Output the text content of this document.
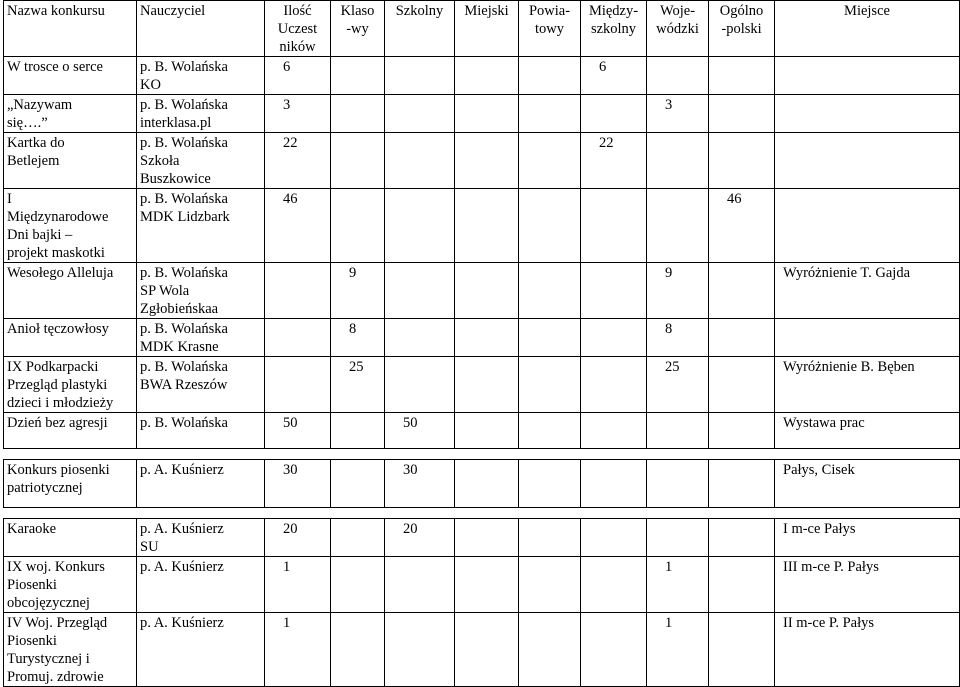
Nazwa konkursu	Nauczyciel	Ilość
Uczest
ników	Klaso
-wy	Szkolny	Miejski	Powia-
towy	Między-
szkolny	Woje-
wódzki	Ogólno
-polski	Miejsce

W trosce o serce	p. B. Wolańska
KO	6					6			

„Nazywam
się….”	p. B. Wolańska
interklasa.pl	3						3		

Kartka do
Betlejem	p. B. Wolańska
Szkoła
Buszkowice	22					22			

I
Międzynarodowe
Dni bajki –
projekt maskotki	p. B. Wolańska
MDK Lidzbark	46							46	

Wesołego Alleluja	p. B. Wolańska
SP Wola
Zgłobieńskaa		9					9		Wyróżnienie T. Gajda

Anioł tęczowłosy	p. B. Wolańska
MDK Krasne		8					8		

IX Podkarpacki
Przegląd plastyki
dzieci i młodzieży	p. B. Wolańska
BWA Rzeszów		25					25		Wyróżnienie B. Bęben

Dzień bez agresji	p. B. Wolańska	50		50						Wystawa prac

Konkurs piosenki
patriotycznej	p. A. Kuśnierz	30		30						Pałys, Cisek

Karaoke	p. A. Kuśnierz
SU	20		20						I m-ce Pałys

IX woj. Konkurs
Piosenki
obcojęzycznej	p. A. Kuśnierz	1						1		III m-ce P. Pałys

IV Woj. Przegląd
Piosenki
Turystycznej i
Promuj. zdrowie	p. A. Kuśnierz	1						1		II m-ce P. Pałys
